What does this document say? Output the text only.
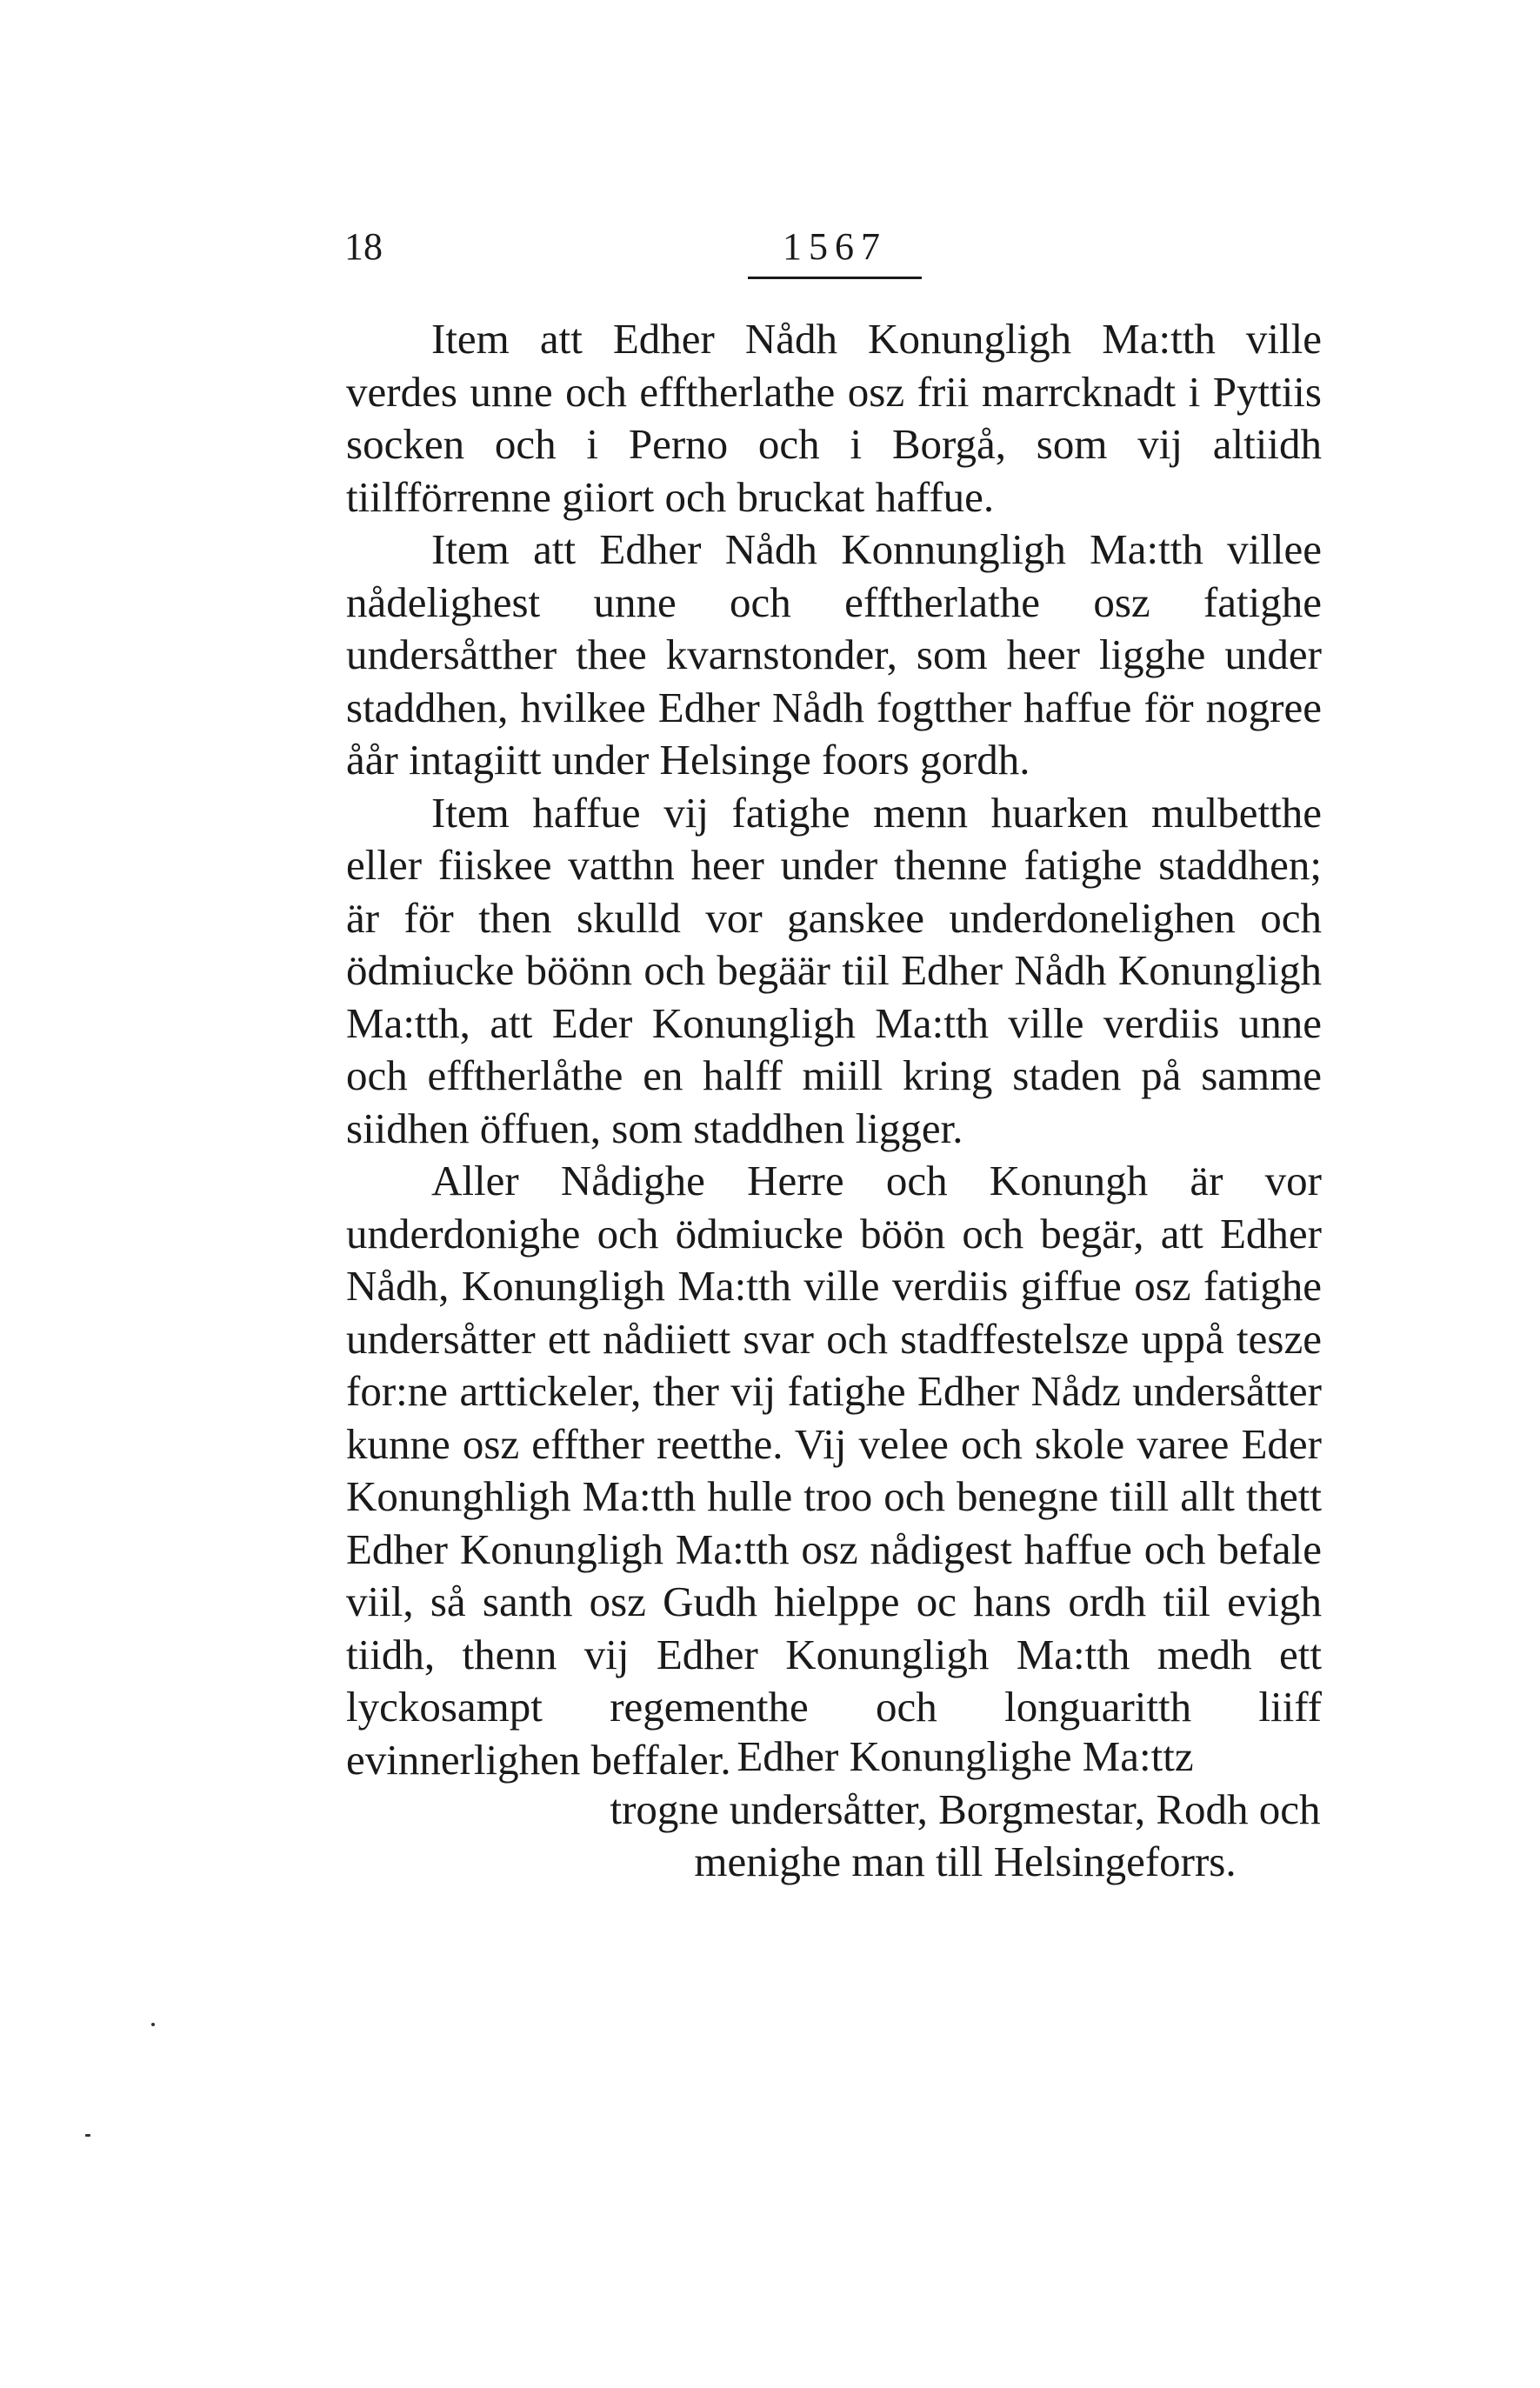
18	1567

Item att Edher Nådh Konungligh Ma:tth ville verdes unne och efftherlathe osz frii marrcknadt i Pyttiis socken och i Perno och i Borgå, som vij altiidh tiilfförrenne giiort och bruckat haffue.

Item att Edher Nådh Konnungligh Ma:tth villee nådelighest unne och efftherlathe osz fatighe undersåtther thee kvarnstonder, som heer ligghe under staddhen, hvilkee Edher Nådh fogtther haffue för nogree åår intagiitt under Helsinge foors gordh.

Item haffue vij fatighe menn huarken mulbetthe eller fiiskee vatthn heer under thenne fatighe staddhen; är för then skulld vor ganskee underdonelighen och ödmiucke böönn och begäär tiil Edher Nådh Konungligh Ma:tth, att Eder Konungligh Ma:tth ville verdiis unne och efftherlåthe en halff miill kring staden på samme siidhen öffuen, som staddhen ligger.

Aller Nådighe Herre och Konungh är vor underdonighe och ödmiucke böön och begär, att Edher Nådh, Konungligh Ma:tth ville verdiis giffue osz fatighe undersåtter ett nådiiett svar och stadffestelsze uppå tesze for:ne arttickeler, ther vij fatighe Edher Nådz undersåtter kunne osz effther reetthe. Vij velee och skole varee Eder Konunghligh Ma:tth hulle troo och benegne tiill allt thett Edher Konungligh Ma:tth osz nådigest haffue och befale viil, så santh osz Gudh hielppe oc hans ordh tiil evigh tiidh, thenn vij Edher Konungligh Ma:tth medh ett lyckosampt regementhe och longuaritth liiff evinnerlighen beffaler. Edher Konunglighe Ma:ttz
trogne undersåtter, Borgmestar, Rodh och
menighe man till Helsingeforrs.
